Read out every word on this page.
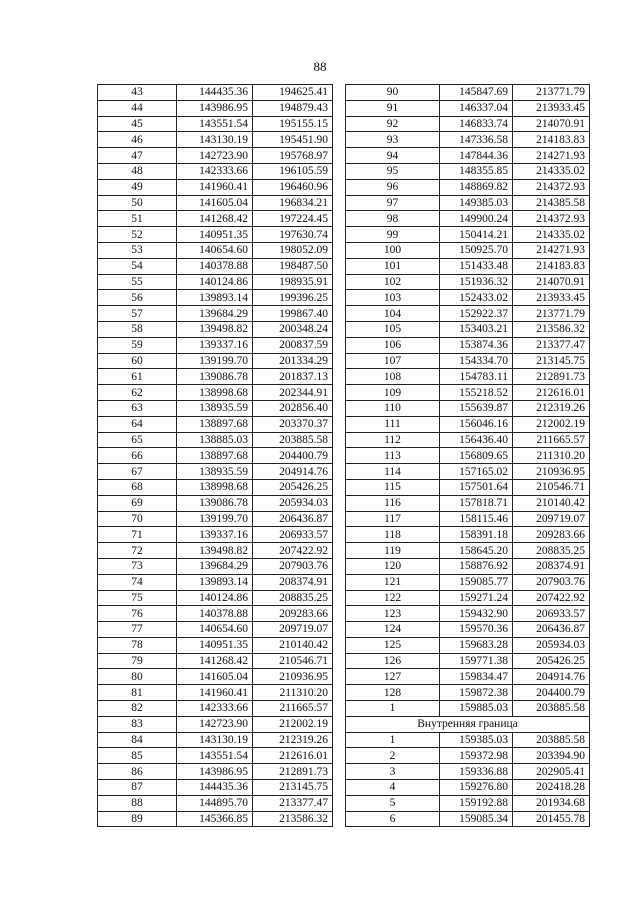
88
43	144435.36	194625.41
44	143986.95	194879.43
45	143551.54	195155.15
46	143130.19	195451.90
47	142723.90	195768.97
48	142333.66	196105.59
49	141960.41	196460.96
50	141605.04	196834.21
51	141268.42	197224.45
52	140951.35	197630.74
53	140654.60	198052.09
54	140378.88	198487.50
55	140124.86	198935.91
56	139893.14	199396.25
57	139684.29	199867.40
58	139498.82	200348.24
59	139337.16	200837.59
60	139199.70	201334.29
61	139086.78	201837.13
62	138998.68	202344.91
63	138935.59	202856.40
64	138897.68	203370.37
65	138885.03	203885.58
66	138897.68	204400.79
67	138935.59	204914.76
68	138998.68	205426.25
69	139086.78	205934.03
70	139199.70	206436.87
71	139337.16	206933.57
72	139498.82	207422.92
73	139684.29	207903.76
74	139893.14	208374.91
75	140124.86	208835.25
76	140378.88	209283.66
77	140654.60	209719.07
78	140951.35	210140.42
79	141268.42	210546.71
80	141605.04	210936.95
81	141960.41	211310.20
82	142333.66	211665.57
83	142723.90	212002.19
84	143130.19	212319.26
85	143551.54	212616.01
86	143986.95	212891.73
87	144435.36	213145.75
88	144895.70	213377.47
89	145366.85	213586.32
90	145847.69	213771.79
91	146337.04	213933.45
92	146833.74	214070.91
93	147336.58	214183.83
94	147844.36	214271.93
95	148355.85	214335.02
96	148869.82	214372.93
97	149385.03	214385.58
98	149900.24	214372.93
99	150414.21	214335.02
100	150925.70	214271.93
101	151433.48	214183.83
102	151936.32	214070.91
103	152433.02	213933.45
104	152922.37	213771.79
105	153403.21	213586.32
106	153874.36	213377.47
107	154334.70	213145.75
108	154783.11	212891.73
109	155218.52	212616.01
110	155639.87	212319.26
111	156046.16	212002.19
112	156436.40	211665.57
113	156809.65	211310.20
114	157165.02	210936.95
115	157501.64	210546.71
116	157818.71	210140.42
117	158115.46	209719.07
118	158391.18	209283.66
119	158645.20	208835.25
120	158876.92	208374.91
121	159085.77	207903.76
122	159271.24	207422.92
123	159432.90	206933.57
124	159570.36	206436.87
125	159683.28	205934.03
126	159771.38	205426.25
127	159834.47	204914.76
128	159872.38	204400.79
1	159885.03	203885.58
Внутренняя граница		
1	159385.03	203885.58
2	159372.98	203394.90
3	159336.88	202905.41
4	159276.80	202418.28
5	159192.88	201934.68
6	159085.34	201455.78
